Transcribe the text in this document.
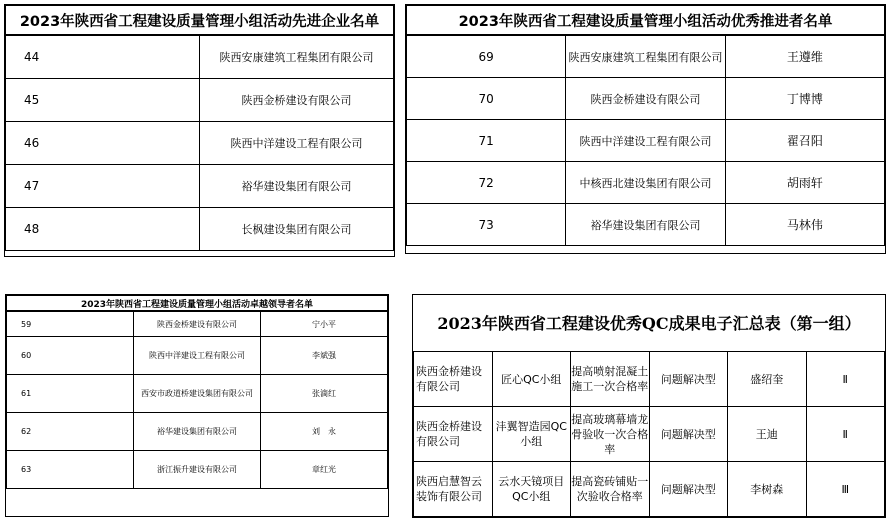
2023年陕西省工程建设质量管理小组活动先进企业名单	
44	陕西安康建筑工程集团有限公司
45	陕西金桥建设有限公司
46	陕西中洋建设工程有限公司
47	裕华建设集团有限公司
48	长枫建设集团有限公司
2023年陕西省工程建设质量管理小组活动优秀推进者名单		
69	陕西安康建筑工程集团有限公司	王遵维
70	陕西金桥建设有限公司	丁博博
71	陕西中洋建设工程有限公司	翟召阳
72	中核西北建设集团有限公司	胡雨轩
73	裕华建设集团有限公司	马林伟
2023年陕西省工程建设质量管理小组活动卓越领导者名单		
59	陕西金桥建设有限公司	宁小平
60	陕西中洋建设工程有限公司	李斌强
61	西安市政道桥建设集团有限公司	张滴红
62	裕华建设集团有限公司	刘　永
63	浙江振升建设有限公司	章红光
2023年陕西省工程建设优秀QC成果电子汇总表（第一组）					
陕西金桥建设有限公司	匠心QC小组	提高喷射混凝土施工一次合格率	问题解决型	盛绍奎	Ⅱ
陕西金桥建设有限公司	沣翼智造园QC小组	提高玻璃幕墙龙骨验收一次合格率	问题解决型	王迪	Ⅱ
陕西启慧智云装饰有限公司	云水天镜项目QC小组	提高瓷砖铺贴一次验收合格率	问题解决型	李树森	Ⅲ
